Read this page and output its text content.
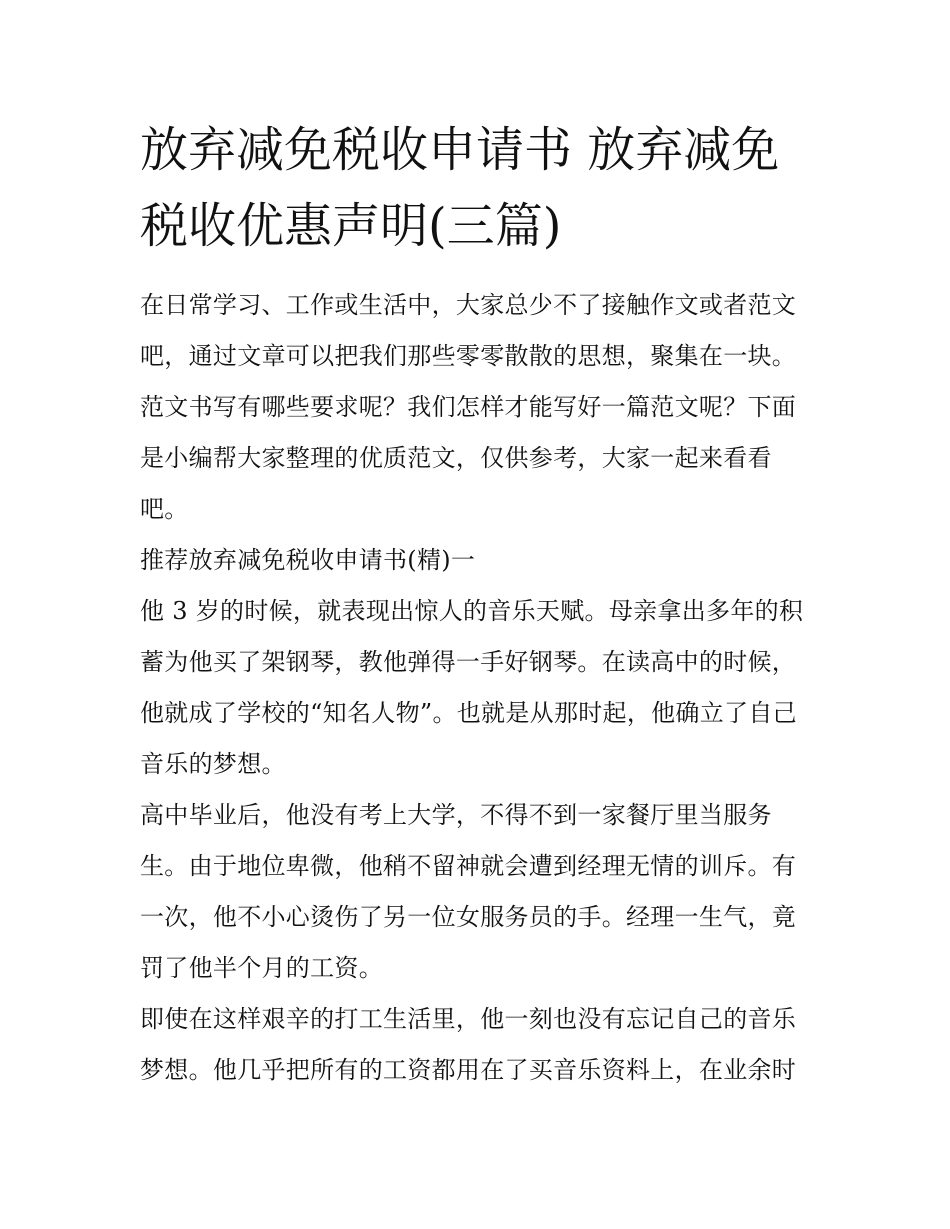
放弃减免税收申请书 放弃减免税收优惠声明(三篇)

在日常学习、工作或生活中，大家总少不了接触作文或者范文吧，通过文章可以把我们那些零零散散的思想，聚集在一块。范文书写有哪些要求呢？我们怎样才能写好一篇范文呢？下面是小编帮大家整理的优质范文，仅供参考，大家一起来看看吧。

推荐放弃减免税收申请书(精)一

他 3 岁的时候，就表现出惊人的音乐天赋。母亲拿出多年的积蓄为他买了架钢琴，教他弹得一手好钢琴。在读高中的时候，他就成了学校的“知名人物”。也就是从那时起，他确立了自己音乐的梦想。

高中毕业后，他没有考上大学，不得不到一家餐厅里当服务生。由于地位卑微，他稍不留神就会遭到经理无情的训斥。有一次，他不小心烫伤了另一位女服务员的手。经理一生气，竟罚了他半个月的工资。

即使在这样艰辛的打工生活里，他一刻也没有忘记自己的音乐梦想。他几乎把所有的工资都用在了买音乐资料上，在业余时
